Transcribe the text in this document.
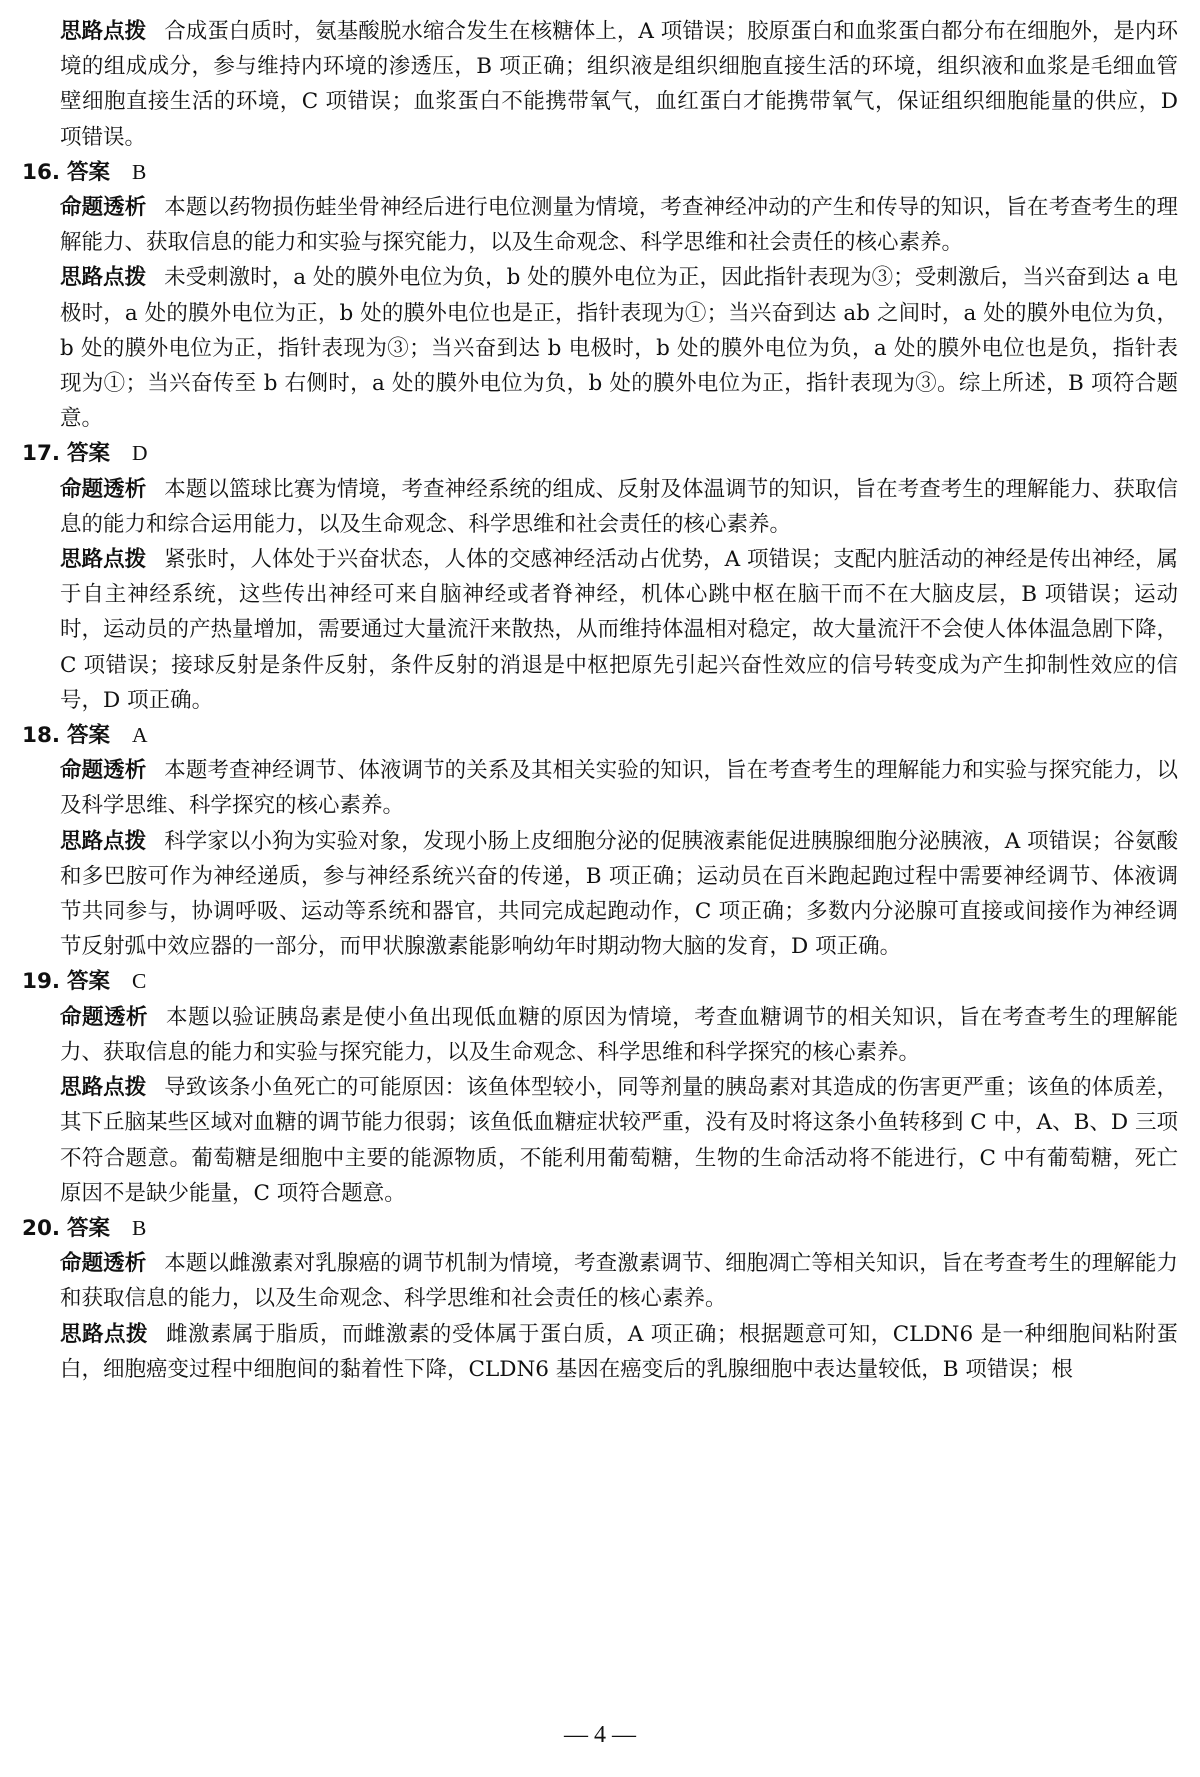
思路点拨 合成蛋白质时，氨基酸脱水缩合发生在核糖体上，A 项错误；胶原蛋白和血浆蛋白都分布在细胞外，是内环境的组成成分，参与维持内环境的渗透压，B 项正确；组织液是组织细胞直接生活的环境，组织液和血浆是毛细血管壁细胞直接生活的环境，C 项错误；血浆蛋白不能携带氧气，血红蛋白才能携带氧气，保证组织细胞能量的供应，D 项错误。

16. 答案 B

命题透析 本题以药物损伤蛙坐骨神经后进行电位测量为情境，考查神经冲动的产生和传导的知识，旨在考查考生的理解能力、获取信息的能力和实验与探究能力，以及生命观念、科学思维和社会责任的核心素养。

思路点拨 未受刺激时，a 处的膜外电位为负，b 处的膜外电位为正，因此指针表现为③；受刺激后，当兴奋到达 a 电极时，a 处的膜外电位为正，b 处的膜外电位也是正，指针表现为①；当兴奋到达 ab 之间时，a 处的膜外电位为负，b 处的膜外电位为正，指针表现为③；当兴奋到达 b 电极时，b 处的膜外电位为负，a 处的膜外电位也是负，指针表现为①；当兴奋传至 b 右侧时，a 处的膜外电位为负，b 处的膜外电位为正，指针表现为③。综上所述，B 项符合题意。

17. 答案 D

命题透析 本题以篮球比赛为情境，考查神经系统的组成、反射及体温调节的知识，旨在考查考生的理解能力、获取信息的能力和综合运用能力，以及生命观念、科学思维和社会责任的核心素养。

思路点拨 紧张时，人体处于兴奋状态，人体的交感神经活动占优势，A 项错误；支配内脏活动的神经是传出神经，属于自主神经系统，这些传出神经可来自脑神经或者脊神经，机体心跳中枢在脑干而不在大脑皮层，B 项错误；运动时，运动员的产热量增加，需要通过大量流汗来散热，从而维持体温相对稳定，故大量流汗不会使人体体温急剧下降，C 项错误；接球反射是条件反射，条件反射的消退是中枢把原先引起兴奋性效应的信号转变成为产生抑制性效应的信号，D 项正确。

18. 答案 A

命题透析 本题考查神经调节、体液调节的关系及其相关实验的知识，旨在考查考生的理解能力和实验与探究能力，以及科学思维、科学探究的核心素养。

思路点拨 科学家以小狗为实验对象，发现小肠上皮细胞分泌的促胰液素能促进胰腺细胞分泌胰液，A 项错误；谷氨酸和多巴胺可作为神经递质，参与神经系统兴奋的传递，B 项正确；运动员在百米跑起跑过程中需要神经调节、体液调节共同参与，协调呼吸、运动等系统和器官，共同完成起跑动作，C 项正确；多数内分泌腺可直接或间接作为神经调节反射弧中效应器的一部分，而甲状腺激素能影响幼年时期动物大脑的发育，D 项正确。

19. 答案 C

命题透析 本题以验证胰岛素是使小鱼出现低血糖的原因为情境，考查血糖调节的相关知识，旨在考查考生的理解能力、获取信息的能力和实验与探究能力，以及生命观念、科学思维和科学探究的核心素养。

思路点拨 导致该条小鱼死亡的可能原因：该鱼体型较小，同等剂量的胰岛素对其造成的伤害更严重；该鱼的体质差，其下丘脑某些区域对血糖的调节能力很弱；该鱼低血糖症状较严重，没有及时将这条小鱼转移到 C 中，A、B、D 三项不符合题意。葡萄糖是细胞中主要的能源物质，不能利用葡萄糖，生物的生命活动将不能进行，C 中有葡萄糖，死亡原因不是缺少能量，C 项符合题意。

20. 答案 B

命题透析 本题以雌激素对乳腺癌的调节机制为情境，考查激素调节、细胞凋亡等相关知识，旨在考查考生的理解能力和获取信息的能力，以及生命观念、科学思维和社会责任的核心素养。

思路点拨 雌激素属于脂质，而雌激素的受体属于蛋白质，A 项正确；根据题意可知，CLDN6 是一种细胞间粘附蛋白，细胞癌变过程中细胞间的黏着性下降，CLDN6 基因在癌变后的乳腺细胞中表达量较低，B 项错误；根

— 4 —
